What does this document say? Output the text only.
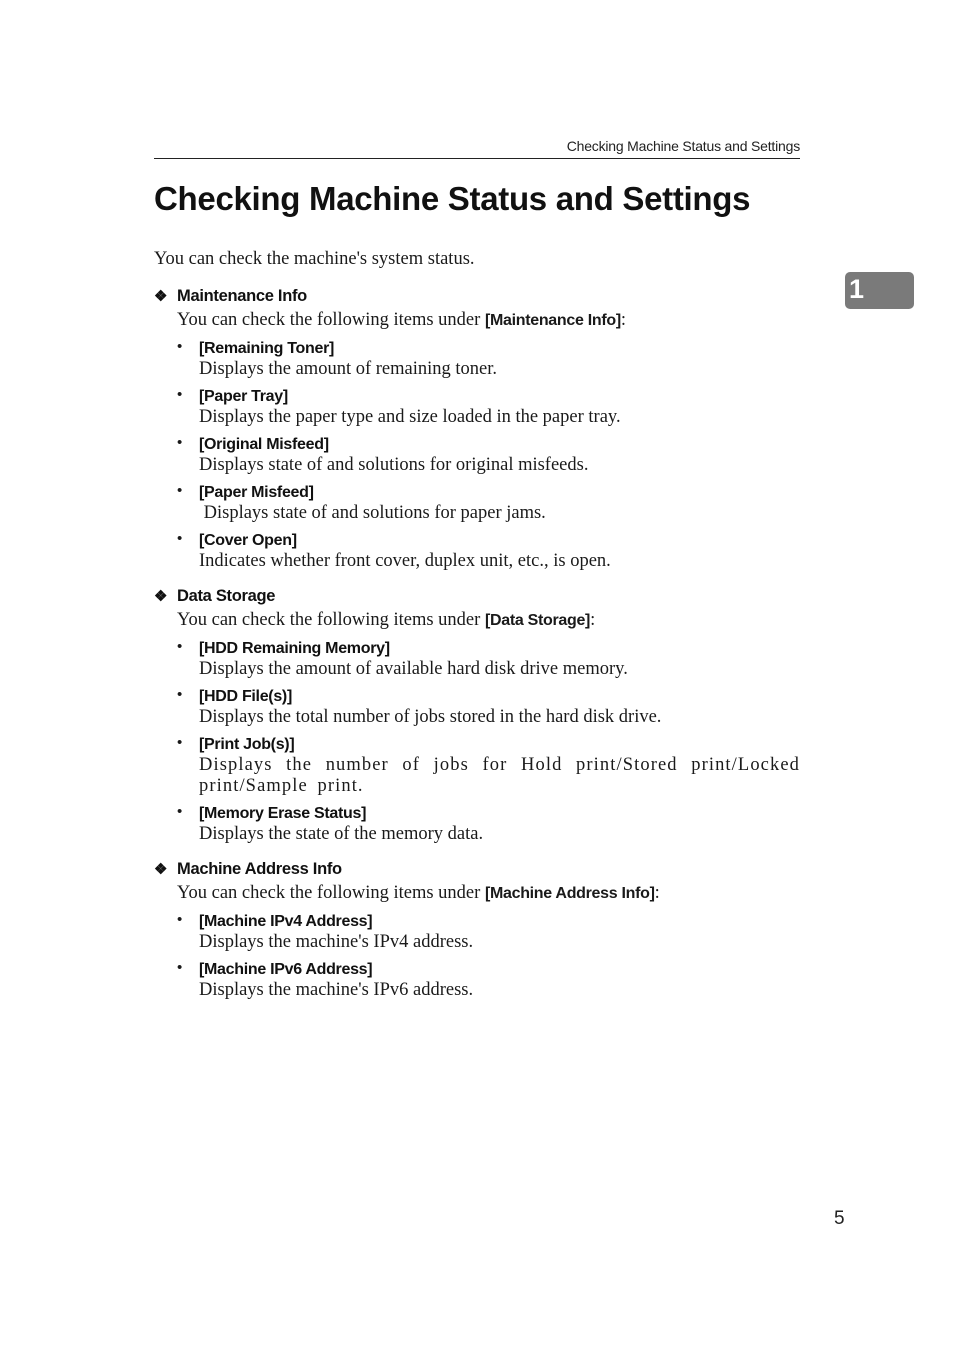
Checking Machine Status and Settings
Checking Machine Status and Settings
You can check the machine's system status.
1
❖ Maintenance Info
You can check the following items under [Maintenance Info]:
• [Remaining Toner]
Displays the amount of remaining toner.
• [Paper Tray]
Displays the paper type and size loaded in the paper tray.
• [Original Misfeed]
Displays state of and solutions for original misfeeds.
• [Paper Misfeed]
Displays state of and solutions for paper jams.
• [Cover Open]
Indicates whether front cover, duplex unit, etc., is open.
❖ Data Storage
You can check the following items under [Data Storage]:
• [HDD Remaining Memory]
Displays the amount of available hard disk drive memory.
• [HDD File(s)]
Displays the total number of jobs stored in the hard disk drive.
• [Print Job(s)]
Displays the number of jobs for Hold print/Stored print/Locked print/Sample print.
• [Memory Erase Status]
Displays the state of the memory data.
❖ Machine Address Info
You can check the following items under [Machine Address Info]:
• [Machine IPv4 Address]
Displays the machine's IPv4 address.
• [Machine IPv6 Address]
Displays the machine's IPv6 address.
5
